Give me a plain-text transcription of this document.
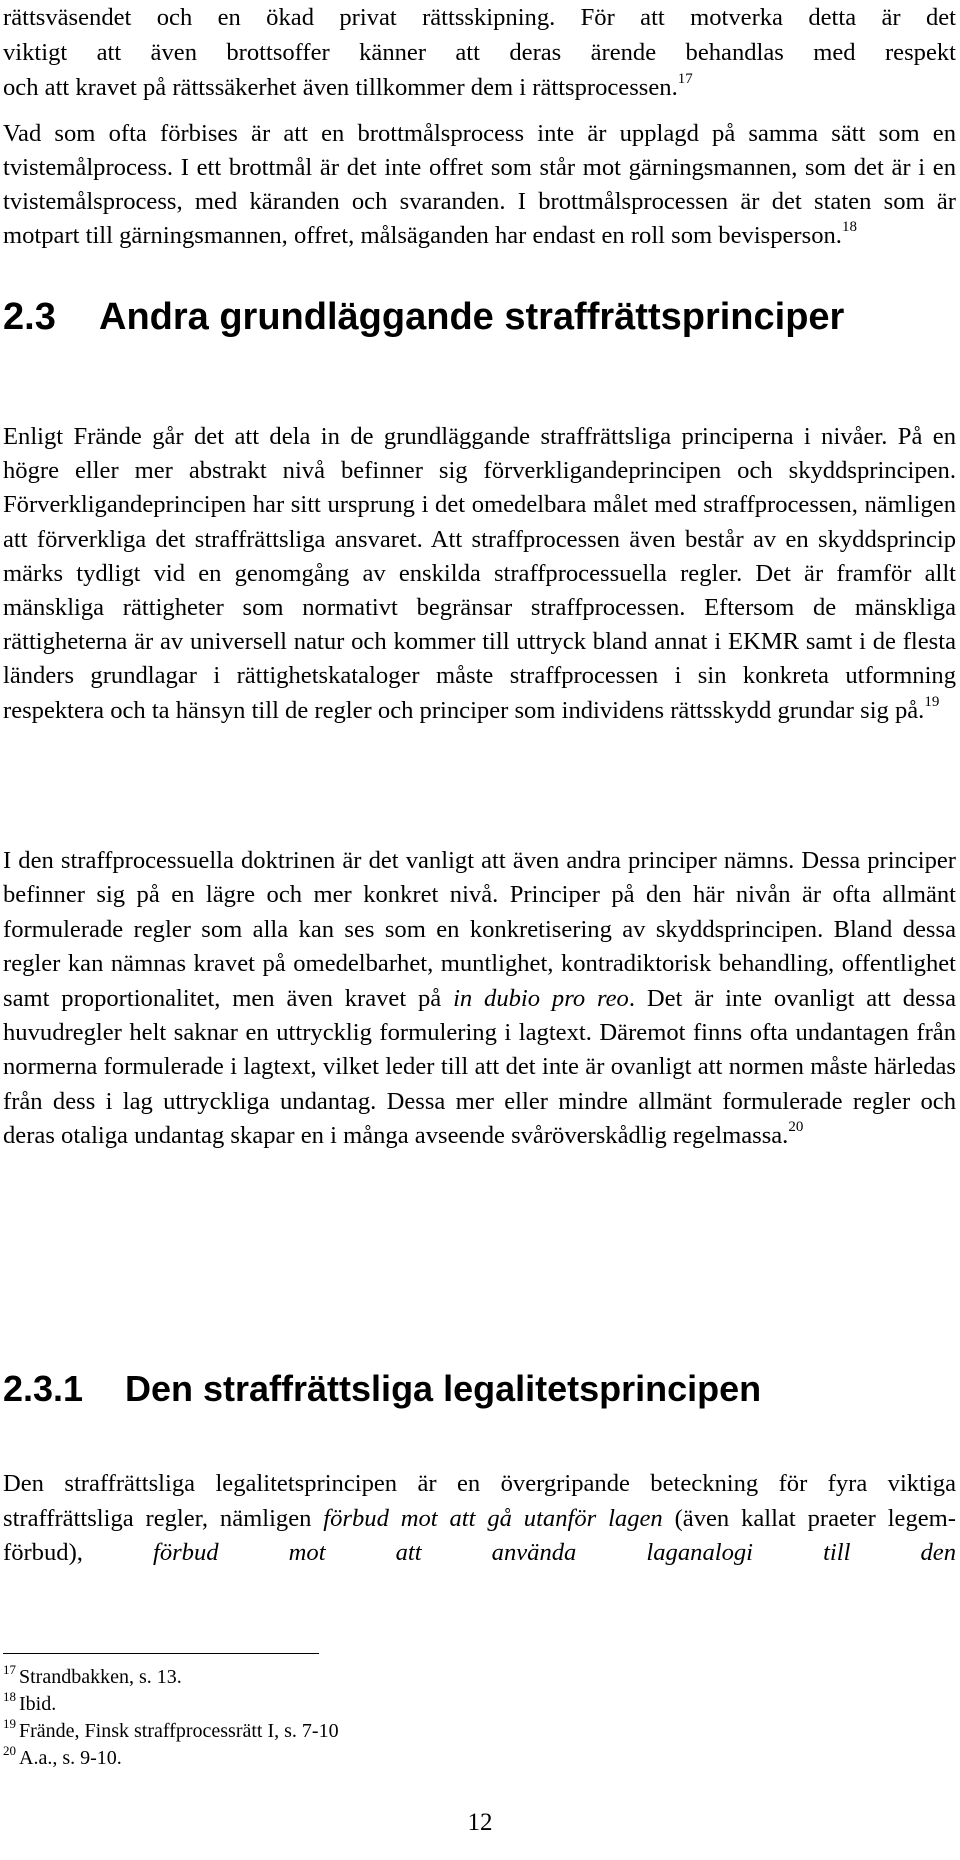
rättsväsendet och en ökad privat rättsskipning. För att motverka detta är det
viktigt att även brottsoffer känner att deras ärende behandlas med respekt
och att kravet på rättssäkerhet även tillkommer dem i rättsprocessen.$^{17}$

Vad som ofta förbises är att en brottmålsprocess inte är upplagd på samma sätt som en tvistemålprocess. I ett brottmål är det inte offret som står mot gärningsmannen, som det är i en tvistemålsprocess, med käranden och svaranden. I brottmålsprocessen är det staten som är motpart till gärningsmannen, offret, målsäganden har endast en roll som bevisperson.$^{18}$

2.3 Andra grundläggande straffrättsprinciper

Enligt Frände går det att dela in de grundläggande straffrättsliga principerna i nivåer. På en högre eller mer abstrakt nivå befinner sig förverkligandeprincipen och skyddsprincipen. Förverkligandeprincipen har sitt ursprung i det omedelbara målet med straffprocessen, nämligen att förverkliga det straffrättsliga ansvaret. Att straffprocessen även består av en skyddsprincip märks tydligt vid en genomgång av enskilda straffprocessuella regler. Det är framför allt mänskliga rättigheter som normativt begränsar straffprocessen. Eftersom de mänskliga rättigheterna är av universell natur och kommer till uttryck bland annat i EKMR samt i de flesta länders grundlagar i rättighetskataloger måste straffprocessen i sin konkreta utformning respektera och ta hänsyn till de regler och principer som individens rättsskydd grundar sig på.$^{19}$

I den straffprocessuella doktrinen är det vanligt att även andra principer nämns. Dessa principer befinner sig på en lägre och mer konkret nivå. Principer på den här nivån är ofta allmänt formulerade regler som alla kan ses som en konkretisering av skyddsprincipen. Bland dessa regler kan nämnas kravet på omedelbarhet, muntlighet, kontradiktorisk behandling, offentlighet samt proportionalitet, men även kravet på in dubio pro reo. Det är inte ovanligt att dessa huvudregler helt saknar en uttrycklig formulering i lagtext. Däremot finns ofta undantagen från normerna formulerade i lagtext, vilket leder till att det inte är ovanligt att normen måste härledas från dess i lag uttryckliga undantag. Dessa mer eller mindre allmänt formulerade regler och deras otaliga undantag skapar en i många avseende svåröverskådlig regelmassa.$^{20}$

2.3.1 Den straffrättsliga legalitetsprincipen

Den straffrättsliga legalitetsprincipen är en övergripande beteckning för fyra viktiga straffrättsliga regler, nämligen förbud mot att gå utanför lagen (även kallat praeter legem-förbud),	förbud mot att använda laganalogi till den

$^{17}$ Strandbakken, s. 13.
$^{18}$ Ibid.
$^{19}$ Frände, Finsk straffprocessrätt I, s. 7-10
$^{20}$ A.a., s. 9-10.
12
